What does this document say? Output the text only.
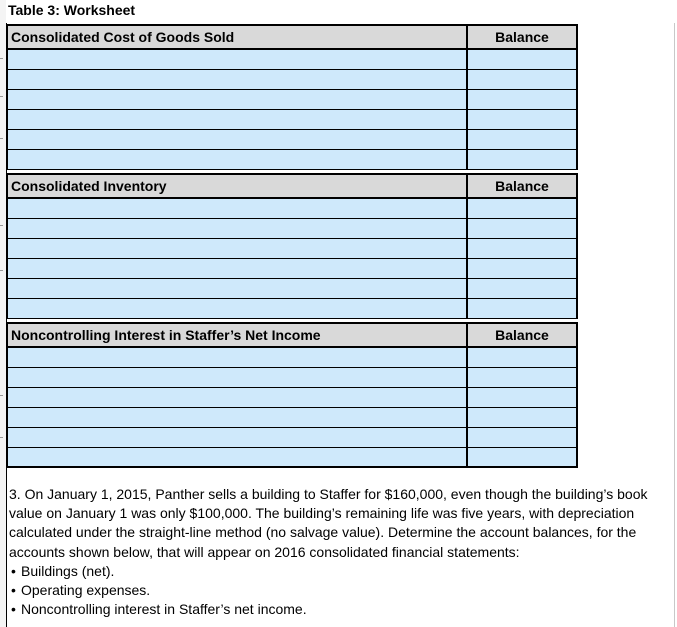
Table 3: Worksheet
Consolidated Cost of Goods Sold	Balance

Consolidated Inventory	Balance

Noncontrolling Interest in Staffer’s Net Income	Balance

3. On January 1, 2015, Panther sells a building to Staffer for $160,000, even though the building’s book

value on January 1 was only $100,000. The building’s remaining life was five years, with depreciation

calculated under the straight-line method (no salvage value). Determine the account balances, for the

accounts shown below, that will appear on 2016 consolidated financial statements:

• Buildings (net).
• Operating expenses.
• Noncontrolling interest in Staffer’s net income.
